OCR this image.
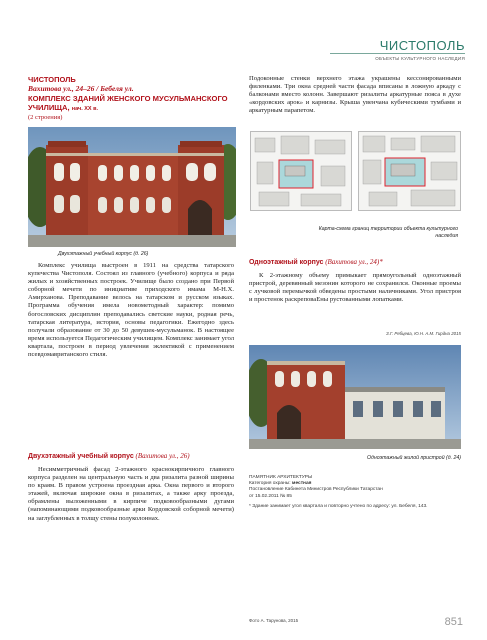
ЧИСТОПОЛЬ
ОБЪЕКТЫ КУЛЬТУРНОГО НАСЛЕДИЯ
ЧИСТОПОЛЬ
Вахитова ул., 24–26 / Бебеля ул.
КОМПЛЕКС ЗДАНИЙ ЖЕНСКОГО МУСУЛЬМАНСКОГО УЧИЛИЩА, нач. XX в.
(2 строения)
Двухэтажный учебный корпус (д. 26)

Комплекс училища выстроен в 1911 на средства татарского купечества Чистополя. Состоял из главного (учебного) корпуса и ряда жилых и хозяйственных построек. Училище было создано при Первой соборной мечети по инициативе приходского имама М-Н.Х. Амирханова. Преподавание велось на татарском и русском языках. Программа обучения имела новометодный характер: помимо богословских дисциплин преподавались светские науки, родная речь, татарская литература, история, основы педагогики. Ежегодно здесь получали образование от 30 до 50 девушек-мусульманок. В настоящее время используется Педагогическим училищем. Комплекс занимает угол квартала, построен в период увлечения эклектикой с применением псевдомавританского стиля.

Двухэтажный учебный корпус (Вахитова ул., 26)

Несимметричный фасад 2-этажного краснокирпичного главного корпуса разделен на центральную часть и два ризалита разной ширины по краям. В правом устроена проездная арка. Окна первого и второго этажей, включая широкие окна в ризалитах, а также арку проезда, обрамлены выложенными в кирпиче подковообразными дугами (напоминающими подковообразные арки Кордовской соборной мечети) на заглубленных в толщу стены полуколоннах.

Подоконные стенки верхнего этажа украшены кессонированными филенками. Три окна средней части фасада вписаны в ложную аркаду с балконами вместо колонн. Завершают ризалиты аркатурные пояса в духе «кордовских арок» и карнизы. Крыша увенчана кубическими тумбами и аркатурным парапетом.

Карта-схема границ территории объекта культурного наследия
Одноэтажный корпус (Вахитова ул., 24)*

К 2-этажному объему примыкает прямоугольный одноэтажный пристрой, деревянный мезонин которого не сохранился. Оконные проемы с лучковой перемычкой обведены простыми наличниками. Угол пристроя и простенок раскреповаЕны рустованными лопатками.

З.Г. Рябцева, Ю.Н. А.М. Гирдна 2015
Одноэтажный жилой пристрой (д. 24)
ПАМЯТНИК АРХИТЕКТУРЫ
Категория охраны: местная
Постановление Кабинета Министров Республики Татарстан
от 15.02.2011 № 85
* Здание занимает угол квартала и повторно учтено по адресу: ул. Бебеля, 143.
Фото А. Тарунова, 2015	851
